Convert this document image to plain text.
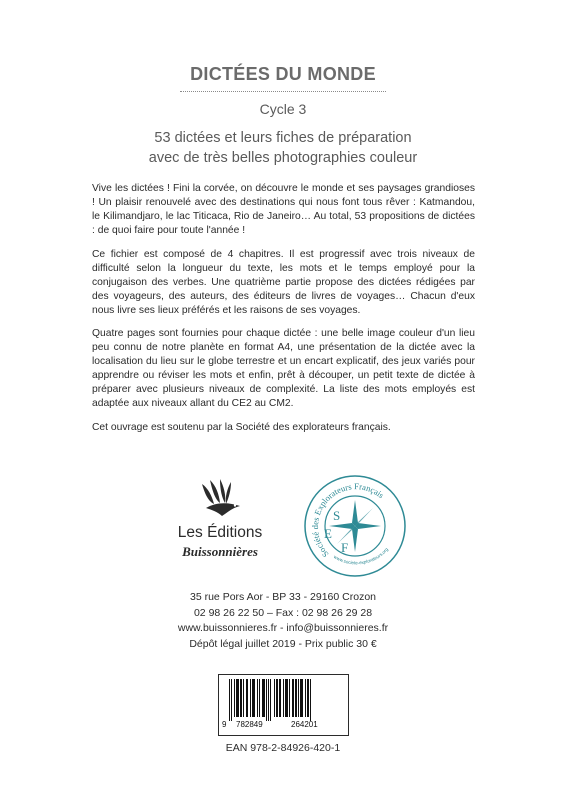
DICTÉES DU MONDE
Cycle 3
53 dictées et leurs fiches de préparation
avec de très belles photographies couleur

Vive les dictées ! Fini la corvée, on découvre le monde et ses paysages grandioses ! Un plaisir renouvelé avec des destinations qui nous font tous rêver : Katmandou, le Kilimandjaro, le lac Titicaca, Rio de Janeiro… Au total, 53 propositions de dictées : de quoi faire pour toute l'année !

Ce fichier est composé de 4 chapitres. Il est progressif avec trois niveaux de difficulté selon la longueur du texte, les mots et le temps employé pour la conjugaison des verbes. Une quatrième partie propose des dictées rédigées par des voyageurs, des auteurs, des éditeurs de livres de voyages… Chacun d'eux nous livre ses lieux préférés et les raisons de ses voyages.

Quatre pages sont fournies pour chaque dictée : une belle image couleur d'un lieu peu connu de notre planète en format A4, une présentation de la dictée avec la localisation du lieu sur le globe terrestre et un encart explicatif, des jeux variés pour apprendre ou réviser les mots et enfin, prêt à découper, un petit texte de dictée à préparer avec plusieurs niveaux de complexité. La liste des mots employés est adaptée aux niveaux allant du CE2 au CM2.

Cet ouvrage est soutenu par la Société des explorateurs français.

Les Éditions
Buissonnières	Société des Explorateurs Français
www.societe-explorateurs.org
S
E
F
35 rue Pors Aor - BP 33 - 29160 Crozon
02 98 26 22 50 – Fax : 02 98 26 29 28
www.buissonnieres.fr - info@buissonnieres.fr
Dépôt légal juillet 2019 - Prix public 30 €
9 782849	264201
EAN 978-2-84926-420-1
